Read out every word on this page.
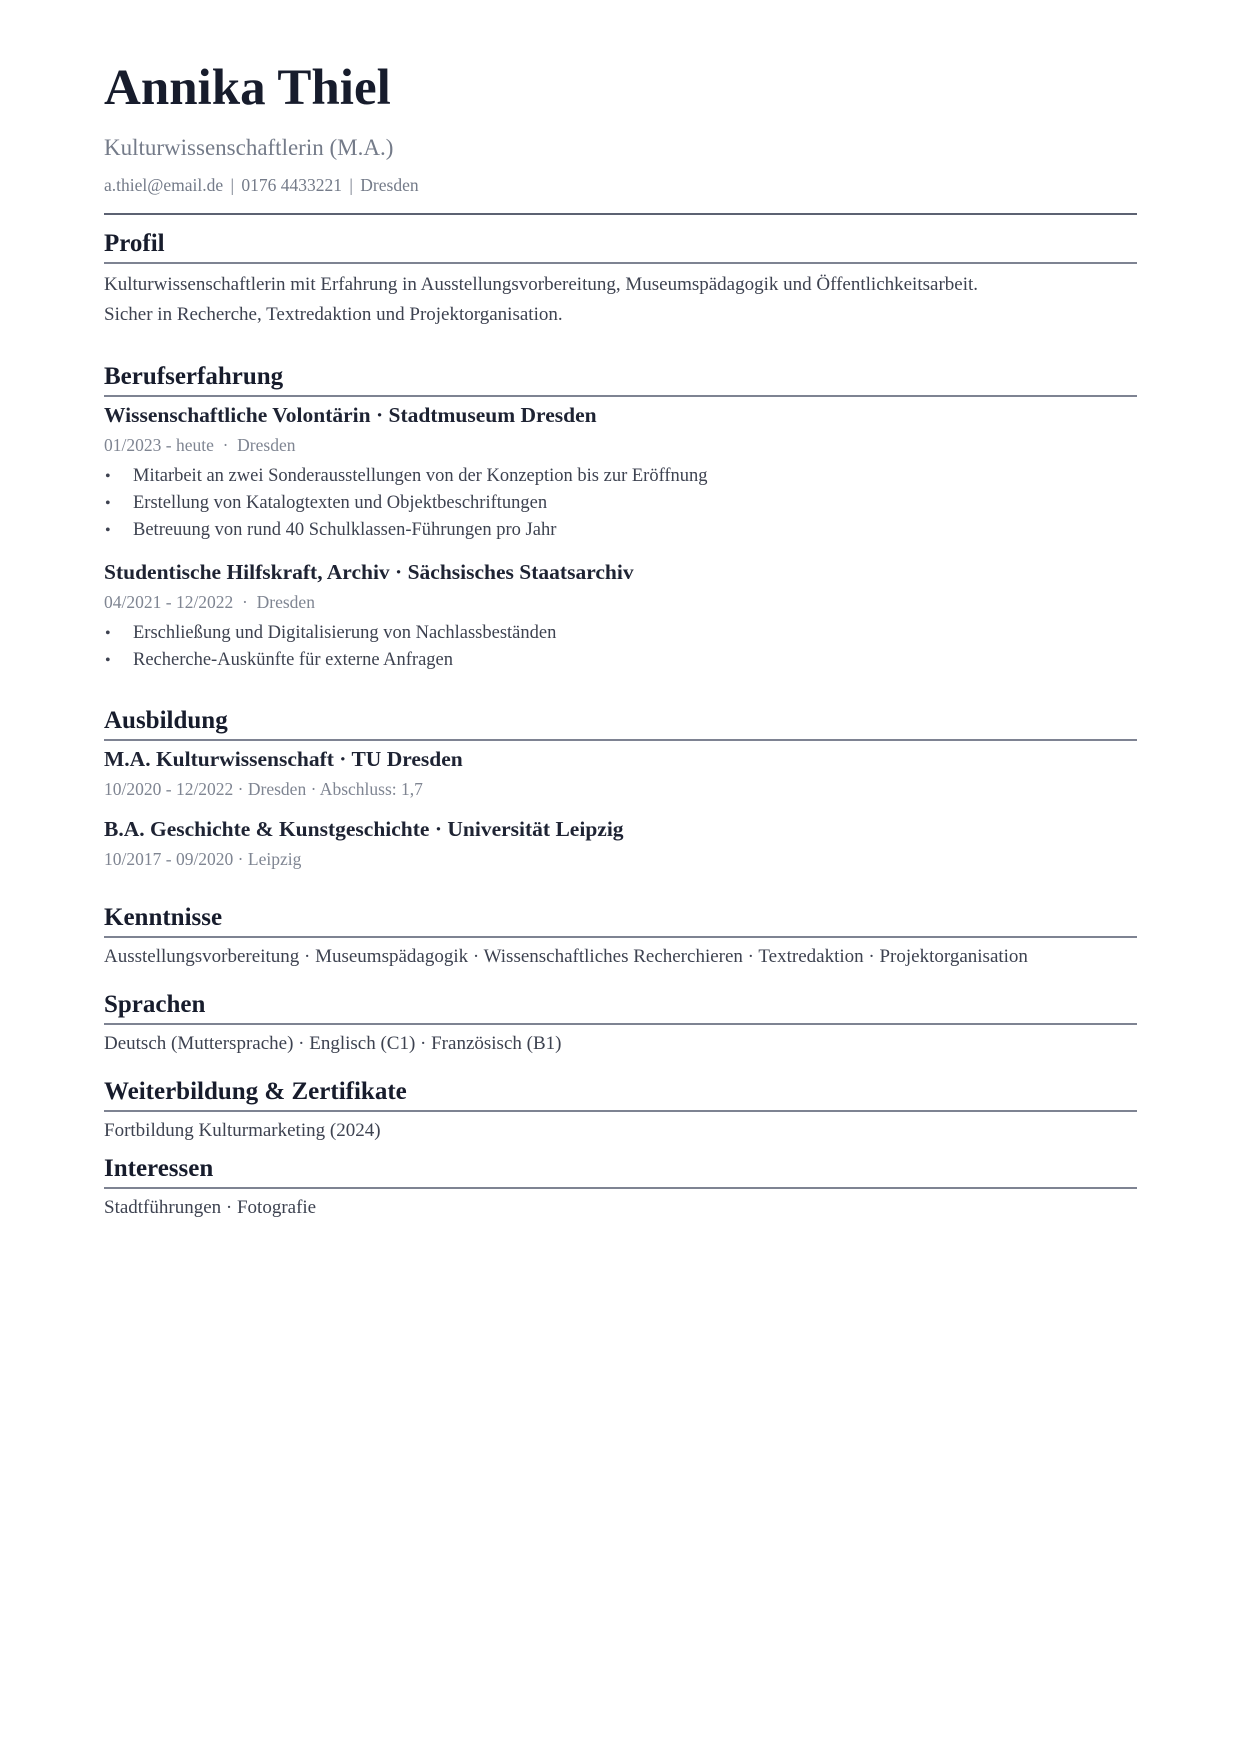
Annika Thiel
Kulturwissenschaftlerin (M.A.)
a.thiel@email.de | 0176 4433221 | Dresden
Profil
Kulturwissenschaftlerin mit Erfahrung in Ausstellungsvorbereitung, Museumspädagogik und Öffentlichkeitsarbeit.
Sicher in Recherche, Textredaktion und Projektorganisation.
Berufserfahrung
Wissenschaftliche Volontärin · Stadtmuseum Dresden
01/2023 - heute  ·  Dresden
• Mitarbeit an zwei Sonderausstellungen von der Konzeption bis zur Eröffnung
• Erstellung von Katalogtexten und Objektbeschriftungen
• Betreuung von rund 40 Schulklassen-Führungen pro Jahr
Studentische Hilfskraft, Archiv · Sächsisches Staatsarchiv
04/2021 - 12/2022  ·  Dresden
• Erschließung und Digitalisierung von Nachlassbeständen
• Recherche-Auskünfte für externe Anfragen
Ausbildung
M.A. Kulturwissenschaft · TU Dresden
10/2020 - 12/2022 · Dresden · Abschluss: 1,7
B.A. Geschichte & Kunstgeschichte · Universität Leipzig
10/2017 - 09/2020 · Leipzig
Kenntnisse
Ausstellungsvorbereitung · Museumspädagogik · Wissenschaftliches Recherchieren · Textredaktion · Projektorganisation
Sprachen
Deutsch (Muttersprache) · Englisch (C1) · Französisch (B1)
Weiterbildung & Zertifikate
Fortbildung Kulturmarketing (2024)
Interessen
Stadtführungen · Fotografie
